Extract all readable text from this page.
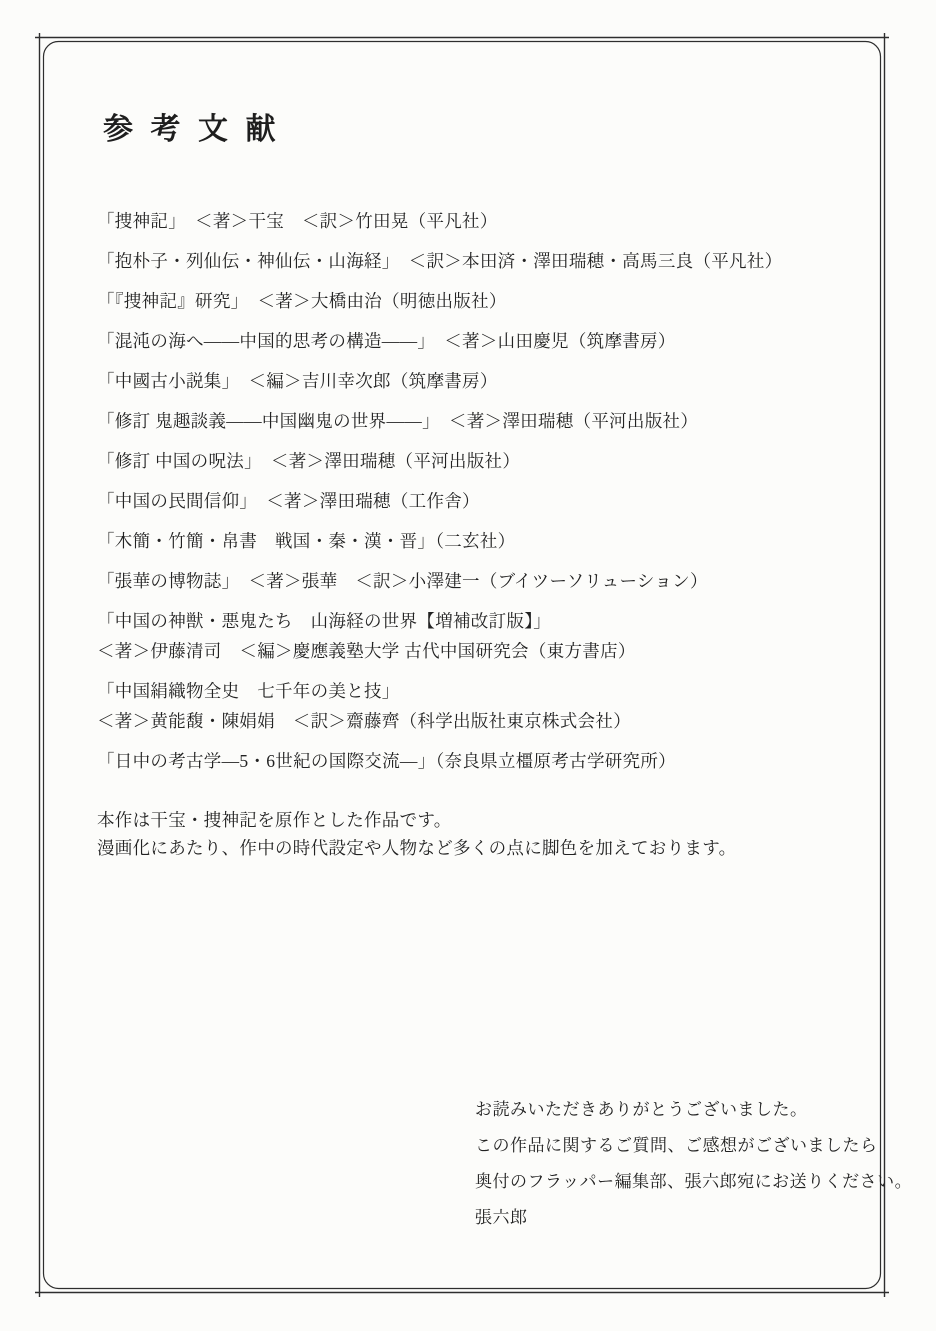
参 考 文 献
「捜神記」　＜著＞干宝　＜訳＞竹田晃（平凡社）
「抱朴子・列仙伝・神仙伝・山海経」　＜訳＞本田済・澤田瑞穂・高馬三良（平凡社）
「『捜神記』研究」　＜著＞大橋由治（明徳出版社）
「混沌の海へ——中国的思考の構造——」　＜著＞山田慶児（筑摩書房）
「中國古小説集」　＜編＞吉川幸次郎（筑摩書房）
「修訂 鬼趣談義——中国幽鬼の世界——」　＜著＞澤田瑞穂（平河出版社）
「修訂 中国の呪法」　＜著＞澤田瑞穂（平河出版社）
「中国の民間信仰」　＜著＞澤田瑞穂（工作舎）
「木簡・竹簡・帛書　戦国・秦・漢・晋」（二玄社）
「張華の博物誌」　＜著＞張華　＜訳＞小澤建一（ブイツーソリューション）
「中国の神獣・悪鬼たち　山海経の世界【増補改訂版】」
＜著＞伊藤清司　＜編＞慶應義塾大学 古代中国研究会（東方書店）
「中国絹織物全史　七千年の美と技」
＜著＞黄能馥・陳娟娟　＜訳＞齋藤齊（科学出版社東京株式会社）
「日中の考古学―5・6世紀の国際交流―」（奈良県立橿原考古学研究所）
本作は干宝・捜神記を原作とした作品です。
漫画化にあたり、作中の時代設定や人物など多くの点に脚色を加えております。
お読みいただきありがとうございました。
この作品に関するご質問、ご感想がございましたら
奥付のフラッパー編集部、張六郎宛にお送りください。
張六郎
